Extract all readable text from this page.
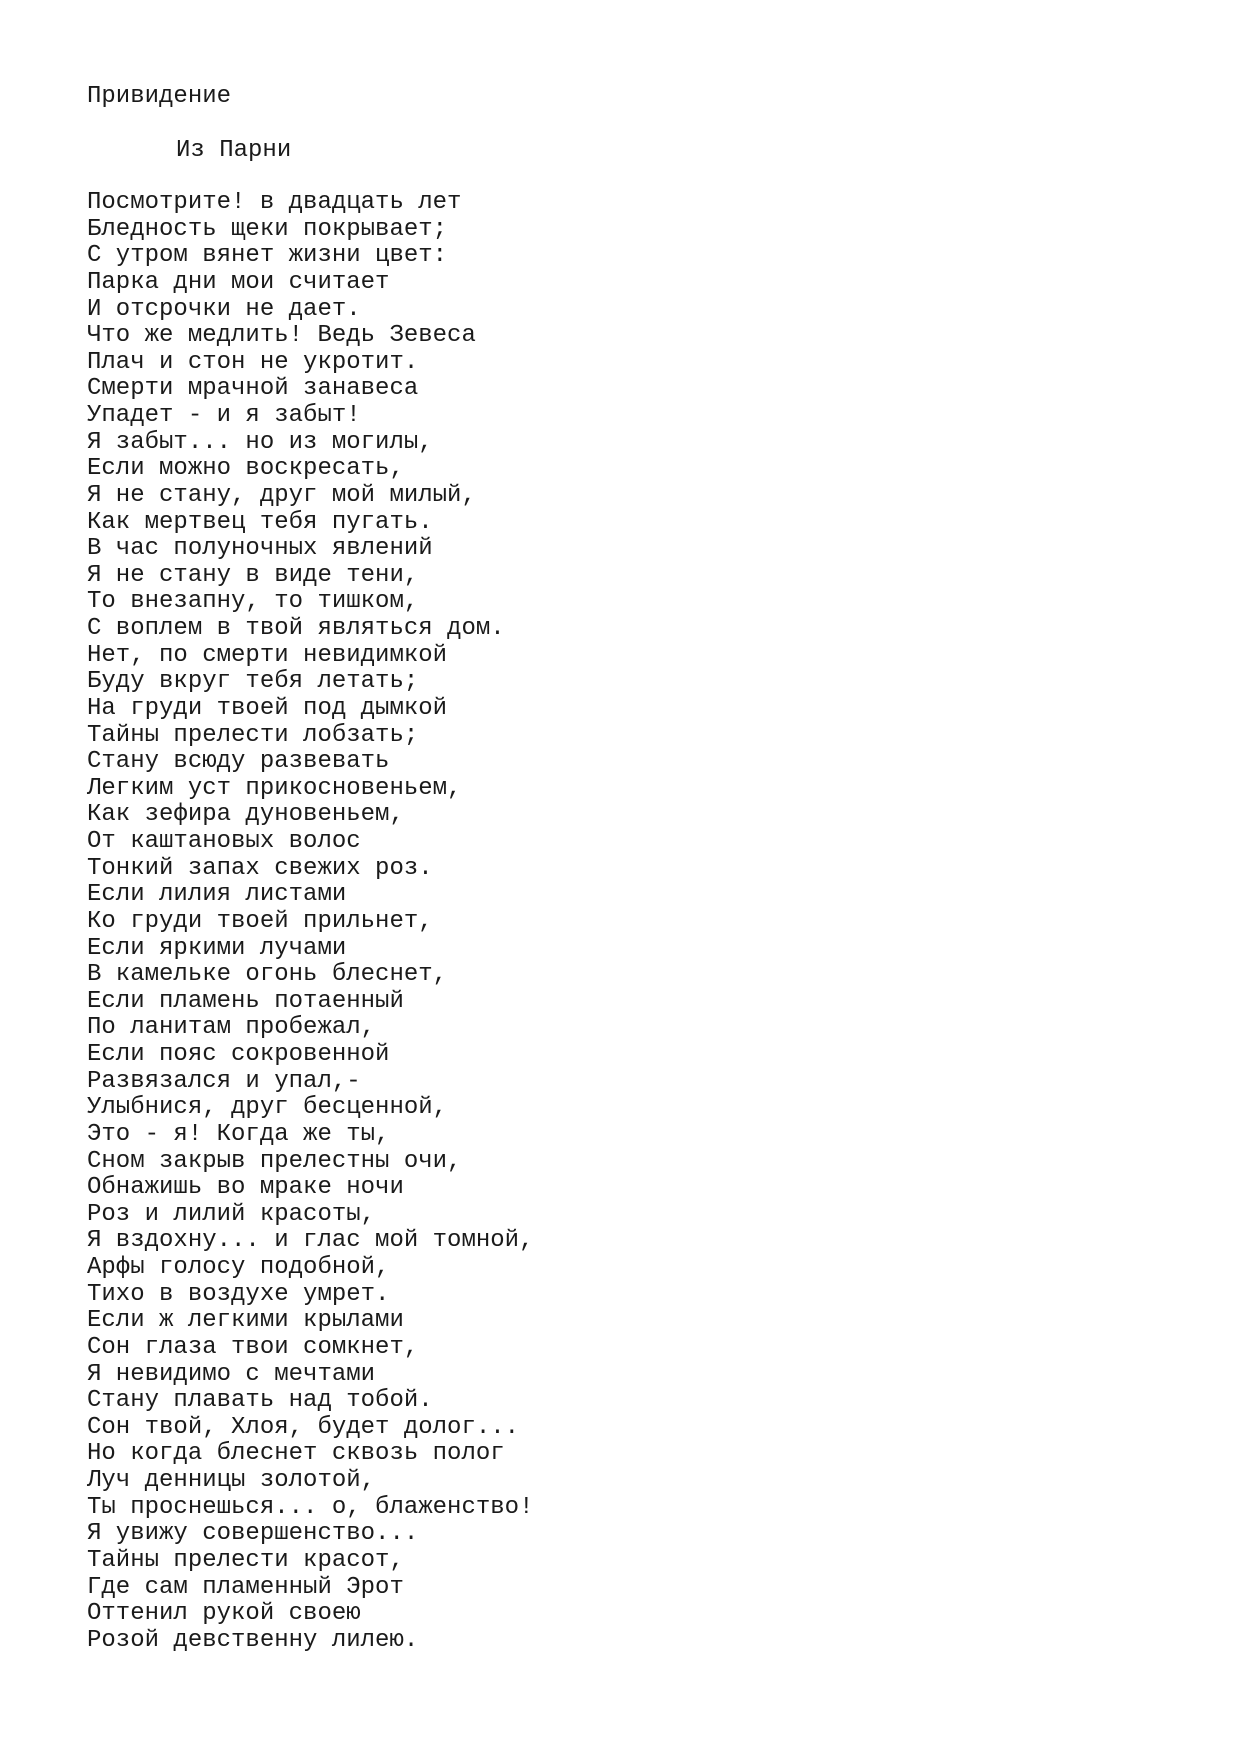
Привидение
Из Парни
Посмотрите! в двадцать лет
Бледность щеки покрывает;
С утром вянет жизни цвет:
Парка дни мои считает
И отсрочки не дает.
Что же медлить! Ведь Зевеса
Плач и стон не укротит.
Смерти мрачной занавеса
Упадет - и я забыт!
Я забыт... но из могилы,
Если можно воскресать,
Я не стану, друг мой милый,
Как мертвец тебя пугать.
В час полуночных явлений
Я не стану в виде тени,
То внезапну, то тишком,
С воплем в твой являться дом.
Нет, по смерти невидимкой
Буду вкруг тебя летать;
На груди твоей под дымкой
Тайны прелести лобзать;
Стану всюду развевать
Легким уст прикосновеньем,
Как зефира дуновеньем,
От каштановых волос
Тонкий запах свежих роз.
Если лилия листами
Ко груди твоей прильнет,
Если яркими лучами
В камельке огонь блеснет,
Если пламень потаенный
По ланитам пробежал,
Если пояс сокровенной
Развязался и упал,-
Улыбнися, друг бесценной,
Это - я! Когда же ты,
Сном закрыв прелестны очи,
Обнажишь во мраке ночи
Роз и лилий красоты,
Я вздохну... и глас мой томной,
Арфы голосу подобной,
Тихо в воздухе умрет.
Если ж легкими крылами
Сон глаза твои сомкнет,
Я невидимо с мечтами
Стану плавать над тобой.
Сон твой, Хлоя, будет долог...
Но когда блеснет сквозь полог
Луч денницы золотой,
Ты проснешься... о, блаженство!
Я увижу совершенство...
Тайны прелести красот,
Где сам пламенный Эрот
Оттенил рукой своею
Розой девственну лилею.
